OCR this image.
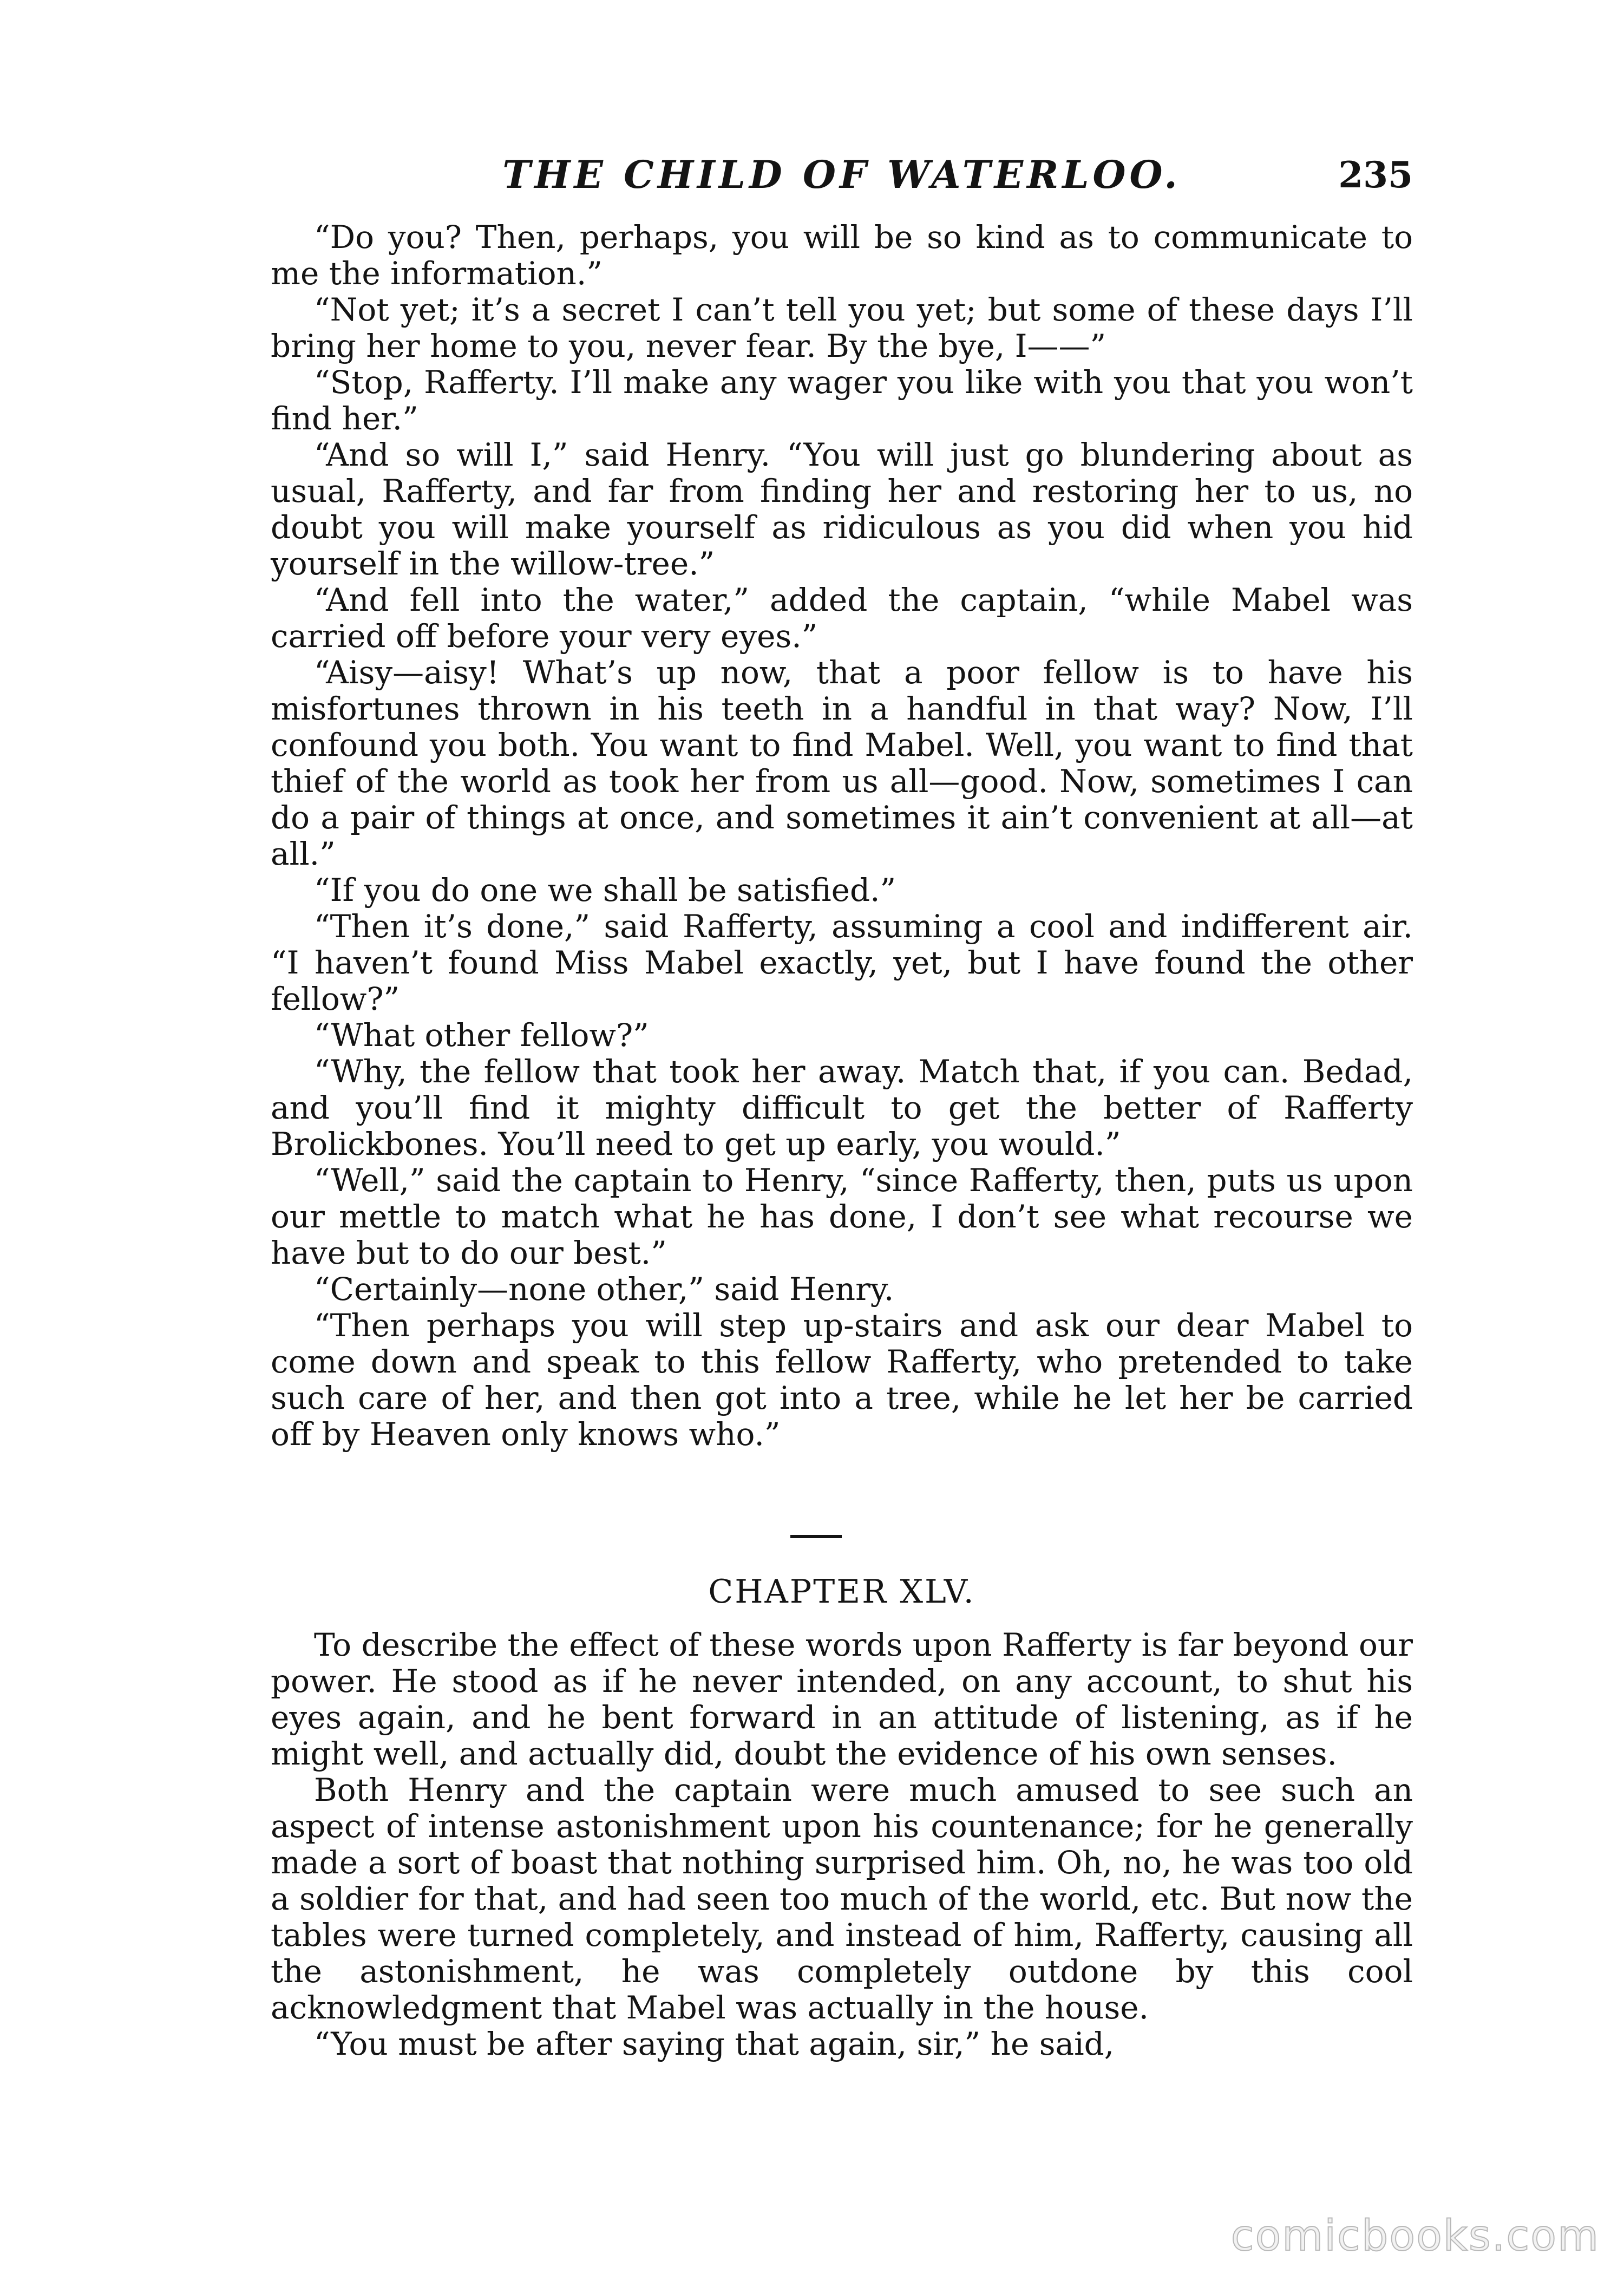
THE CHILD OF WATERLOO.	235

“Do you? Then, perhaps, you will be so kind as to communicate to me the information.”

“Not yet; it’s a secret I can’t tell you yet; but some of these days I’ll bring her home to you, never fear. By the bye, I——”

“Stop, Rafferty. I’ll make any wager you like with you that you won’t find her.”

“And so will I,” said Henry. “You will just go blundering about as usual, Rafferty, and far from finding her and restoring her to us, no doubt you will make yourself as ridiculous as you did when you hid yourself in the willow-tree.”

“And fell into the water,” added the captain, “while Mabel was carried off before your very eyes.”

“Aisy—aisy! What’s up now, that a poor fellow is to have his misfortunes thrown in his teeth in a handful in that way? Now, I’ll confound you both. You want to find Mabel. Well, you want to find that thief of the world as took her from us all—good. Now, sometimes I can do a pair of things at once, and sometimes it ain’t convenient at all—at all.”

“If you do one we shall be satisfied.”

“Then it’s done,” said Rafferty, assuming a cool and indifferent air. “I haven’t found Miss Mabel exactly, yet, but I have found the other fellow?”

“What other fellow?”

“Why, the fellow that took her away. Match that, if you can. Bedad, and you’ll find it mighty difficult to get the better of Rafferty Brolickbones. You’ll need to get up early, you would.”

“Well,” said the captain to Henry, “since Rafferty, then, puts us upon our mettle to match what he has done, I don’t see what recourse we have but to do our best.”

“Certainly—none other,” said Henry.

“Then perhaps you will step up-stairs and ask our dear Mabel to come down and speak to this fellow Rafferty, who pretended to take such care of her, and then got into a tree, while he let her be carried off by Heaven only knows who.”

CHAPTER XLV.

To describe the effect of these words upon Rafferty is far beyond our power. He stood as if he never intended, on any account, to shut his eyes again, and he bent forward in an attitude of listening, as if he might well, and actually did, doubt the evidence of his own senses.

Both Henry and the captain were much amused to see such an aspect of intense astonishment upon his countenance; for he generally made a sort of boast that nothing surprised him. Oh, no, he was too old a soldier for that, and had seen too much of the world, etc. But now the tables were turned completely, and instead of him, Rafferty, causing all the astonishment, he was completely outdone by this cool acknowledgment that Mabel was actually in the house.

“You must be after saying that again, sir,” he said,

comicbooks.com
